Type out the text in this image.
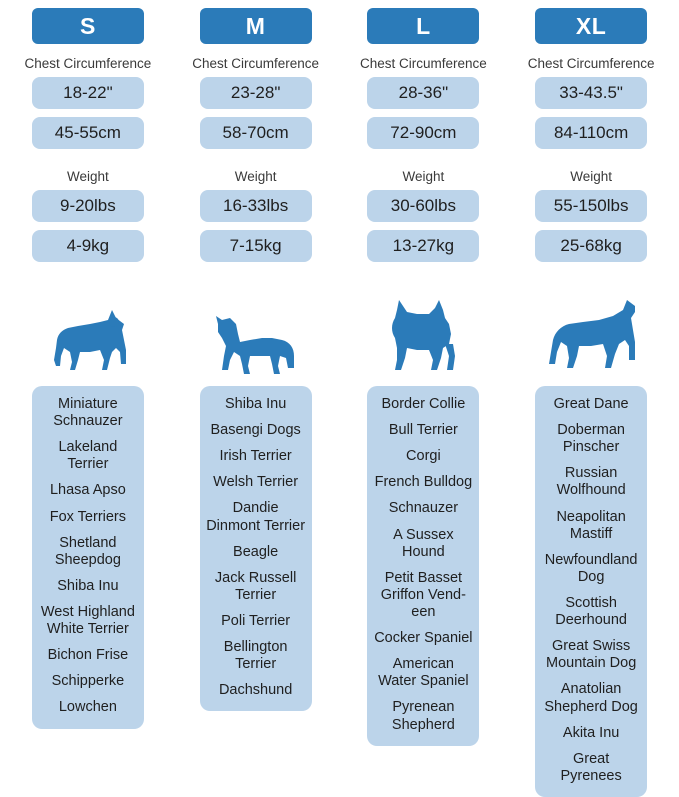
S
Chest Circumference
18-22"
45-55cm
Weight
9-20lbs
4-9kg
Miniature Schnauzer
Lakeland Terrier
Lhasa Apso
Fox Terriers
Shetland Sheepdog
Shiba Inu
West Highland White Terrier
Bichon Frise
Schipperke
Lowchen
M
Chest Circumference
23-28"
58-70cm
Weight
16-33lbs
7-15kg
Shiba Inu
Basengi Dogs
Irish Terrier
Welsh Terrier
Dandie Dinmont Terrier
Beagle
Jack Russell Terrier
Poli Terrier
Bellington Terrier
Dachshund
L
Chest Circumference
28-36"
72-90cm
Weight
30-60lbs
13-27kg
Border Collie
Bull Terrier
Corgi
French Bulldog
Schnauzer
A Sussex Hound
Petit Basset Griffon Vend-een
Cocker Spaniel
American Water Spaniel
Pyrenean Shepherd
XL
Chest Circumference
33-43.5"
84-110cm
Weight
55-150lbs
25-68kg
Great Dane
Doberman Pinscher
Russian Wolfhound
Neapolitan Mastiff
Newfoundland Dog
Scottish Deerhound
Great Swiss Mountain Dog
Anatolian Shepherd Dog
Akita Inu
Great Pyrenees
